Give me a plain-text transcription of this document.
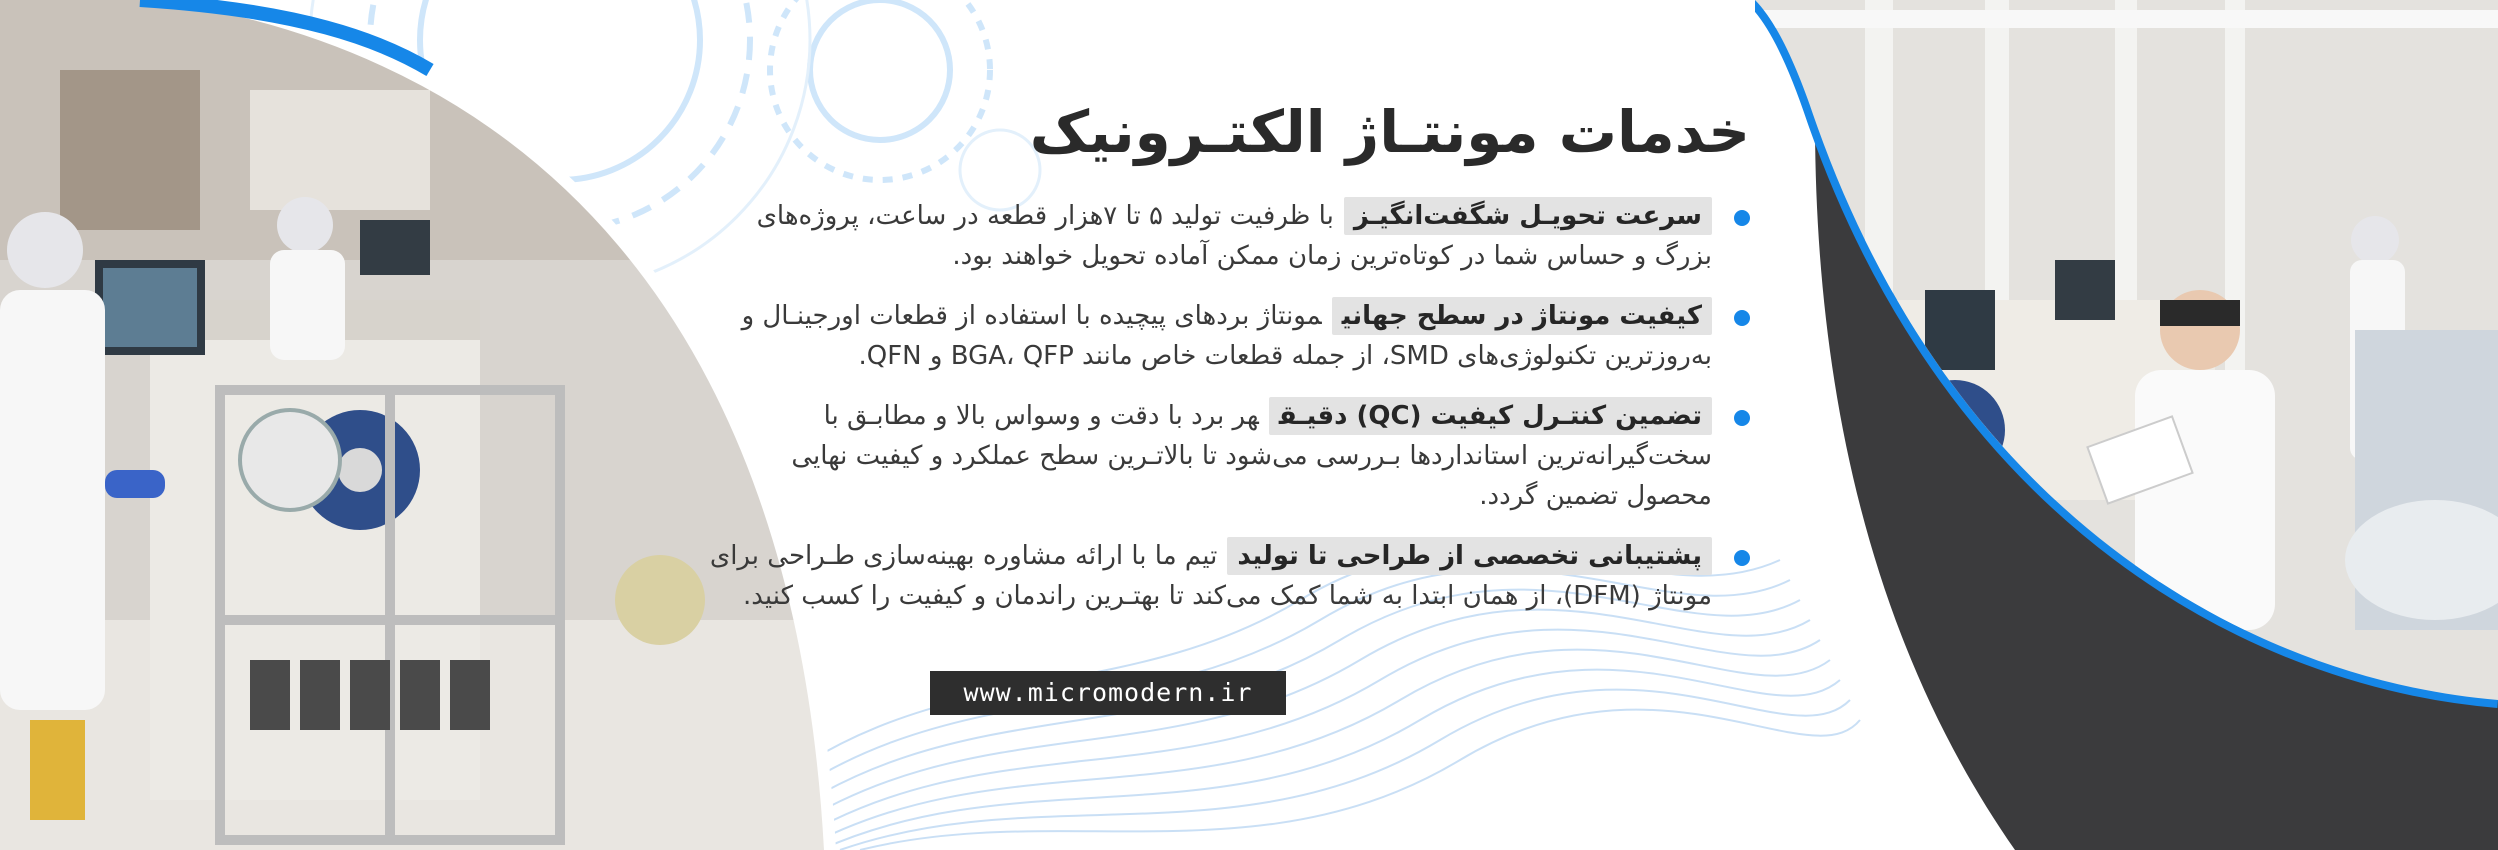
خدمات مونتـاژ الکتـرونیک
سرعت تحویـل شگفت‌انگیـزبا ظرفیت تولید ۵ تا ۷هزار قطعه در ساعت، پروژه‌های بزرگ و حساس شما در کوتاه‌ترین زمان ممکن آماده تحویل خواهند بود.
کیفیت مونتاژ در سطح جهانیمونتاژ بردهای پیچیده با استفاده از قطعات اورجینـال و به‌روزترین تکنولوژی‌های SMD، از جمله قطعات خاص مانند BGA، QFP و QFN.
تضمین کنتـرل کیفیت (QC) دقیـقهر برد با دقت و وسواس بالا و مطابـق با سخت‌گیرانه‌ترین استانداردها بـررسی می‌شود تا بالاتـرین سطح عملکرد و کیفیت نهایی محصول تضمین گردد.
پشتیبانی تخصصی از طراحی تا تولیدتیم ما با ارائه مشاوره بهینه‌سازی طـراحی برای مونتاژ (DFM)، از همان ابتدا به شما کمک می‌کند تا بهتـرین راندمان و کیفیت را کسب کنید.
www.micromodern.ir
